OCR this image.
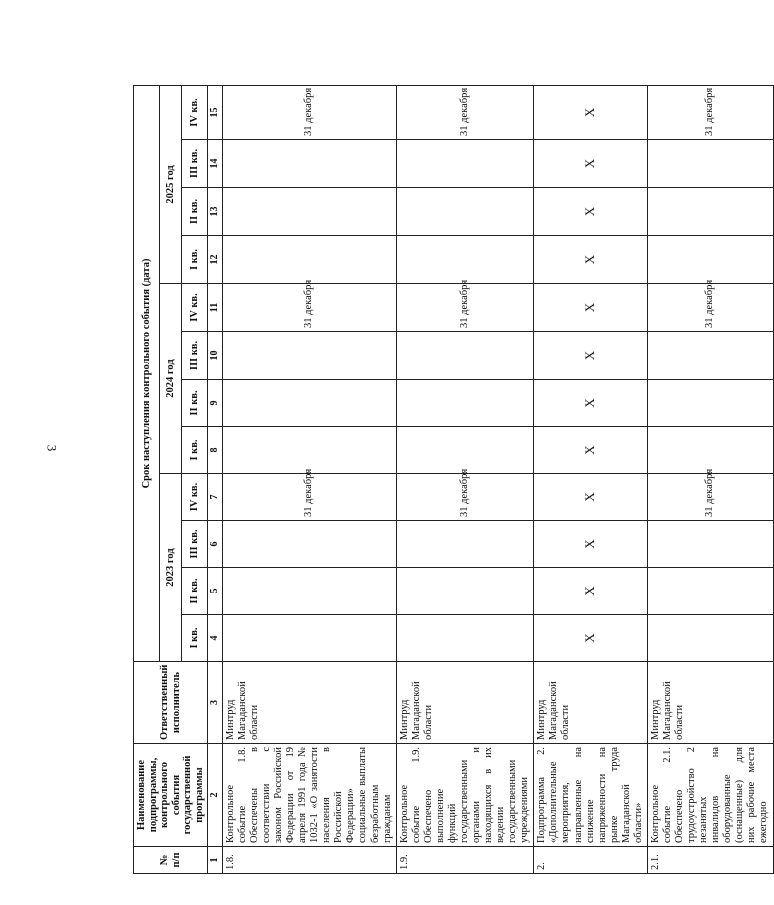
3
№ п/п	Наименование подпрограммы, контрольного события государственной программы	Ответственный исполнитель	Срок наступления контрольного события (дата)											
			2023 год				2024 год				2025 год			
			I кв.	II кв.	III кв.	IV кв.	I кв.	II кв.	III кв.	IV кв.	I кв.	II кв.	III кв.	IV кв.
1	2	3	4	5	6	7	8	9	10	11	12	13	14	15
1.8.	Контрольное событие 1.8. Обеспечены в соответствии с законом Российской Федерации от 19 апреля 1991 года № 1032-1 «О занятости населения в Российской Федерации» социальные выплаты безработным гражданам	Минтруд Магаданской области				31 декабря				31 декабря				31 декабря
1.9.	Контрольное событие 1.9. Обеспечено выполнение функций государственными органами и находящихся в их ведении государственными учреждениями	Минтруд Магаданской области				31 декабря				31 декабря				31 декабря
2.	Подпрограмма 2. «Дополнительные мероприятия, направленные на снижение напряженности на рынке труда Магаданской области»	Минтруд Магаданской области	Х	Х	Х	Х	Х	Х	Х	Х	Х	Х	Х	Х
2.1.	Контрольное событие 2.1. Обеспечено трудоустройство 2 незанятых инвалидов на оборудованные (оснащенные) для них рабочие места ежегодно	Минтруд Магаданской области				31 декабря				31 декабря				31 декабря
